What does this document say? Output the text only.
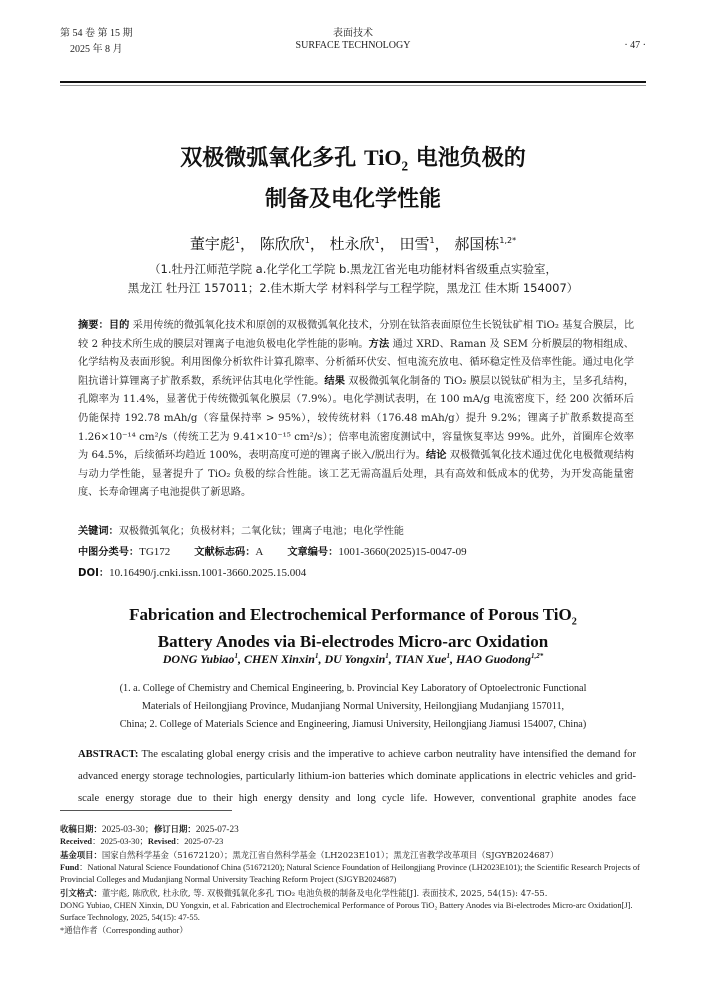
第 54 卷 第 15 期
2025 年 8 月
表面技术
SURFACE TECHNOLOGY	· 47 ·
双极微弧氧化多孔 TiO$_2$ 电池负极的
制备及电化学性能
董宇彪$^1$， 陈欣欣$^1$， 杜永欣$^1$， 田雪$^1$， 郝国栋$^{1,2*}$
（1.牡丹江师范学院 a.化学化工学院 b.黑龙江省光电功能材料省级重点实验室，
黑龙江 牡丹江 157011；2.佳木斯大学 材料科学与工程学院，黑龙江 佳木斯 154007）
摘要：目的 采用传统的微弧氧化技术和原创的双极微弧氧化技术，分别在钛箔表面原位生长锐钛矿相 TiO₂ 基复合膜层，比较 2 种技术所生成的膜层对锂离子电池负极电化学性能的影响。方法 通过 XRD、Raman 及 SEM 分析膜层的物相组成、化学结构及表面形貌。利用图像分析软件计算孔隙率、分析循环伏安、恒电流充放电、循环稳定性及倍率性能。通过电化学阻抗谱计算锂离子扩散系数，系统评估其电化学性能。结果 双极微弧氧化制备的 TiO₂ 膜层以锐钛矿相为主，呈多孔结构，孔隙率为 11.4%，显著优于传统微弧氧化膜层（7.9%）。电化学测试表明，在 100 mA/g 电流密度下，经 200 次循环后仍能保持 192.78 mAh/g（容量保持率 > 95%），较传统材料（176.48 mAh/g）提升 9.2%；锂离子扩散系数提高至 1.26×10⁻¹⁴ cm²/s（传统工艺为 9.41×10⁻¹⁵ cm²/s）；倍率电流密度测试中，容量恢复率达 99%。此外，首圈库仑效率为 64.5%，后续循环均趋近 100%，表明高度可逆的锂离子嵌入/脱出行为。结论 双极微弧氧化技术通过优化电极微观结构与动力学性能，显著提升了 TiO₂ 负极的综合性能。该工艺无需高温后处理，具有高效和低成本的优势，为开发高能量密度、长寿命锂离子电池提供了新思路。
关键词：双极微弧氧化；负极材料；二氧化钛；锂离子电池；电化学性能
中图分类号：TG172 文献标志码：A 文章编号：1001-3660(2025)15-0047-09
DOI：10.16490/j.cnki.issn.1001-3660.2025.15.004
Fabrication and Electrochemical Performance of Porous TiO$_2$
Battery Anodes via Bi-electrodes Micro-arc Oxidation
DONG Yubiao$^1$, CHEN Xinxin$^1$, DU Yongxin$^1$, TIAN Xue$^1$, HAO Guodong$^{1,2*}$
(1. a. College of Chemistry and Chemical Engineering, b. Provincial Key Laboratory of Optoelectronic Functional
Materials of Heilongjiang Province, Mudanjiang Normal University, Heilongjiang Mudanjiang 157011,
China; 2. College of Materials Science and Engineering, Jiamusi University, Heilongjiang Jiamusi 154007, China)
ABSTRACT: The escalating global energy crisis and the imperative to achieve carbon neutrality have intensified the demand for advanced energy storage technologies, particularly lithium-ion batteries which dominate applications in electric vehicles and grid-scale energy storage due to their high energy density and long cycle life. However, conventional graphite anodes face
收稿日期：2025-03-30；修订日期：2025-07-23
Received：2025-03-30；Revised：2025-07-23
基金项目：国家自然科学基金（51672120）；黑龙江省自然科学基金（LH2023E101）；黑龙江省教学改革项目（SJGYB2024687）
Fund：National Natural Science Foundationof China (51672120); Natural Science Foundation of Heilongjiang Province (LH2023E101); the Scientific Research Projects of Provincial Colleges and Mudanjiang Normal University Teaching Reform Project (SJGYB2024687)
引文格式：董宇彪, 陈欣欣, 杜永欣, 等. 双极微弧氧化多孔 TiO₂ 电池负极的制备及电化学性能[J]. 表面技术, 2025, 54(15): 47-55.
DONG Yubiao, CHEN Xinxin, DU Yongxin, et al. Fabrication and Electrochemical Performance of Porous TiO₂ Battery Anodes via Bi-electrodes Micro-arc Oxidation[J]. Surface Technology, 2025, 54(15): 47-55.
*通信作者（Corresponding author）
